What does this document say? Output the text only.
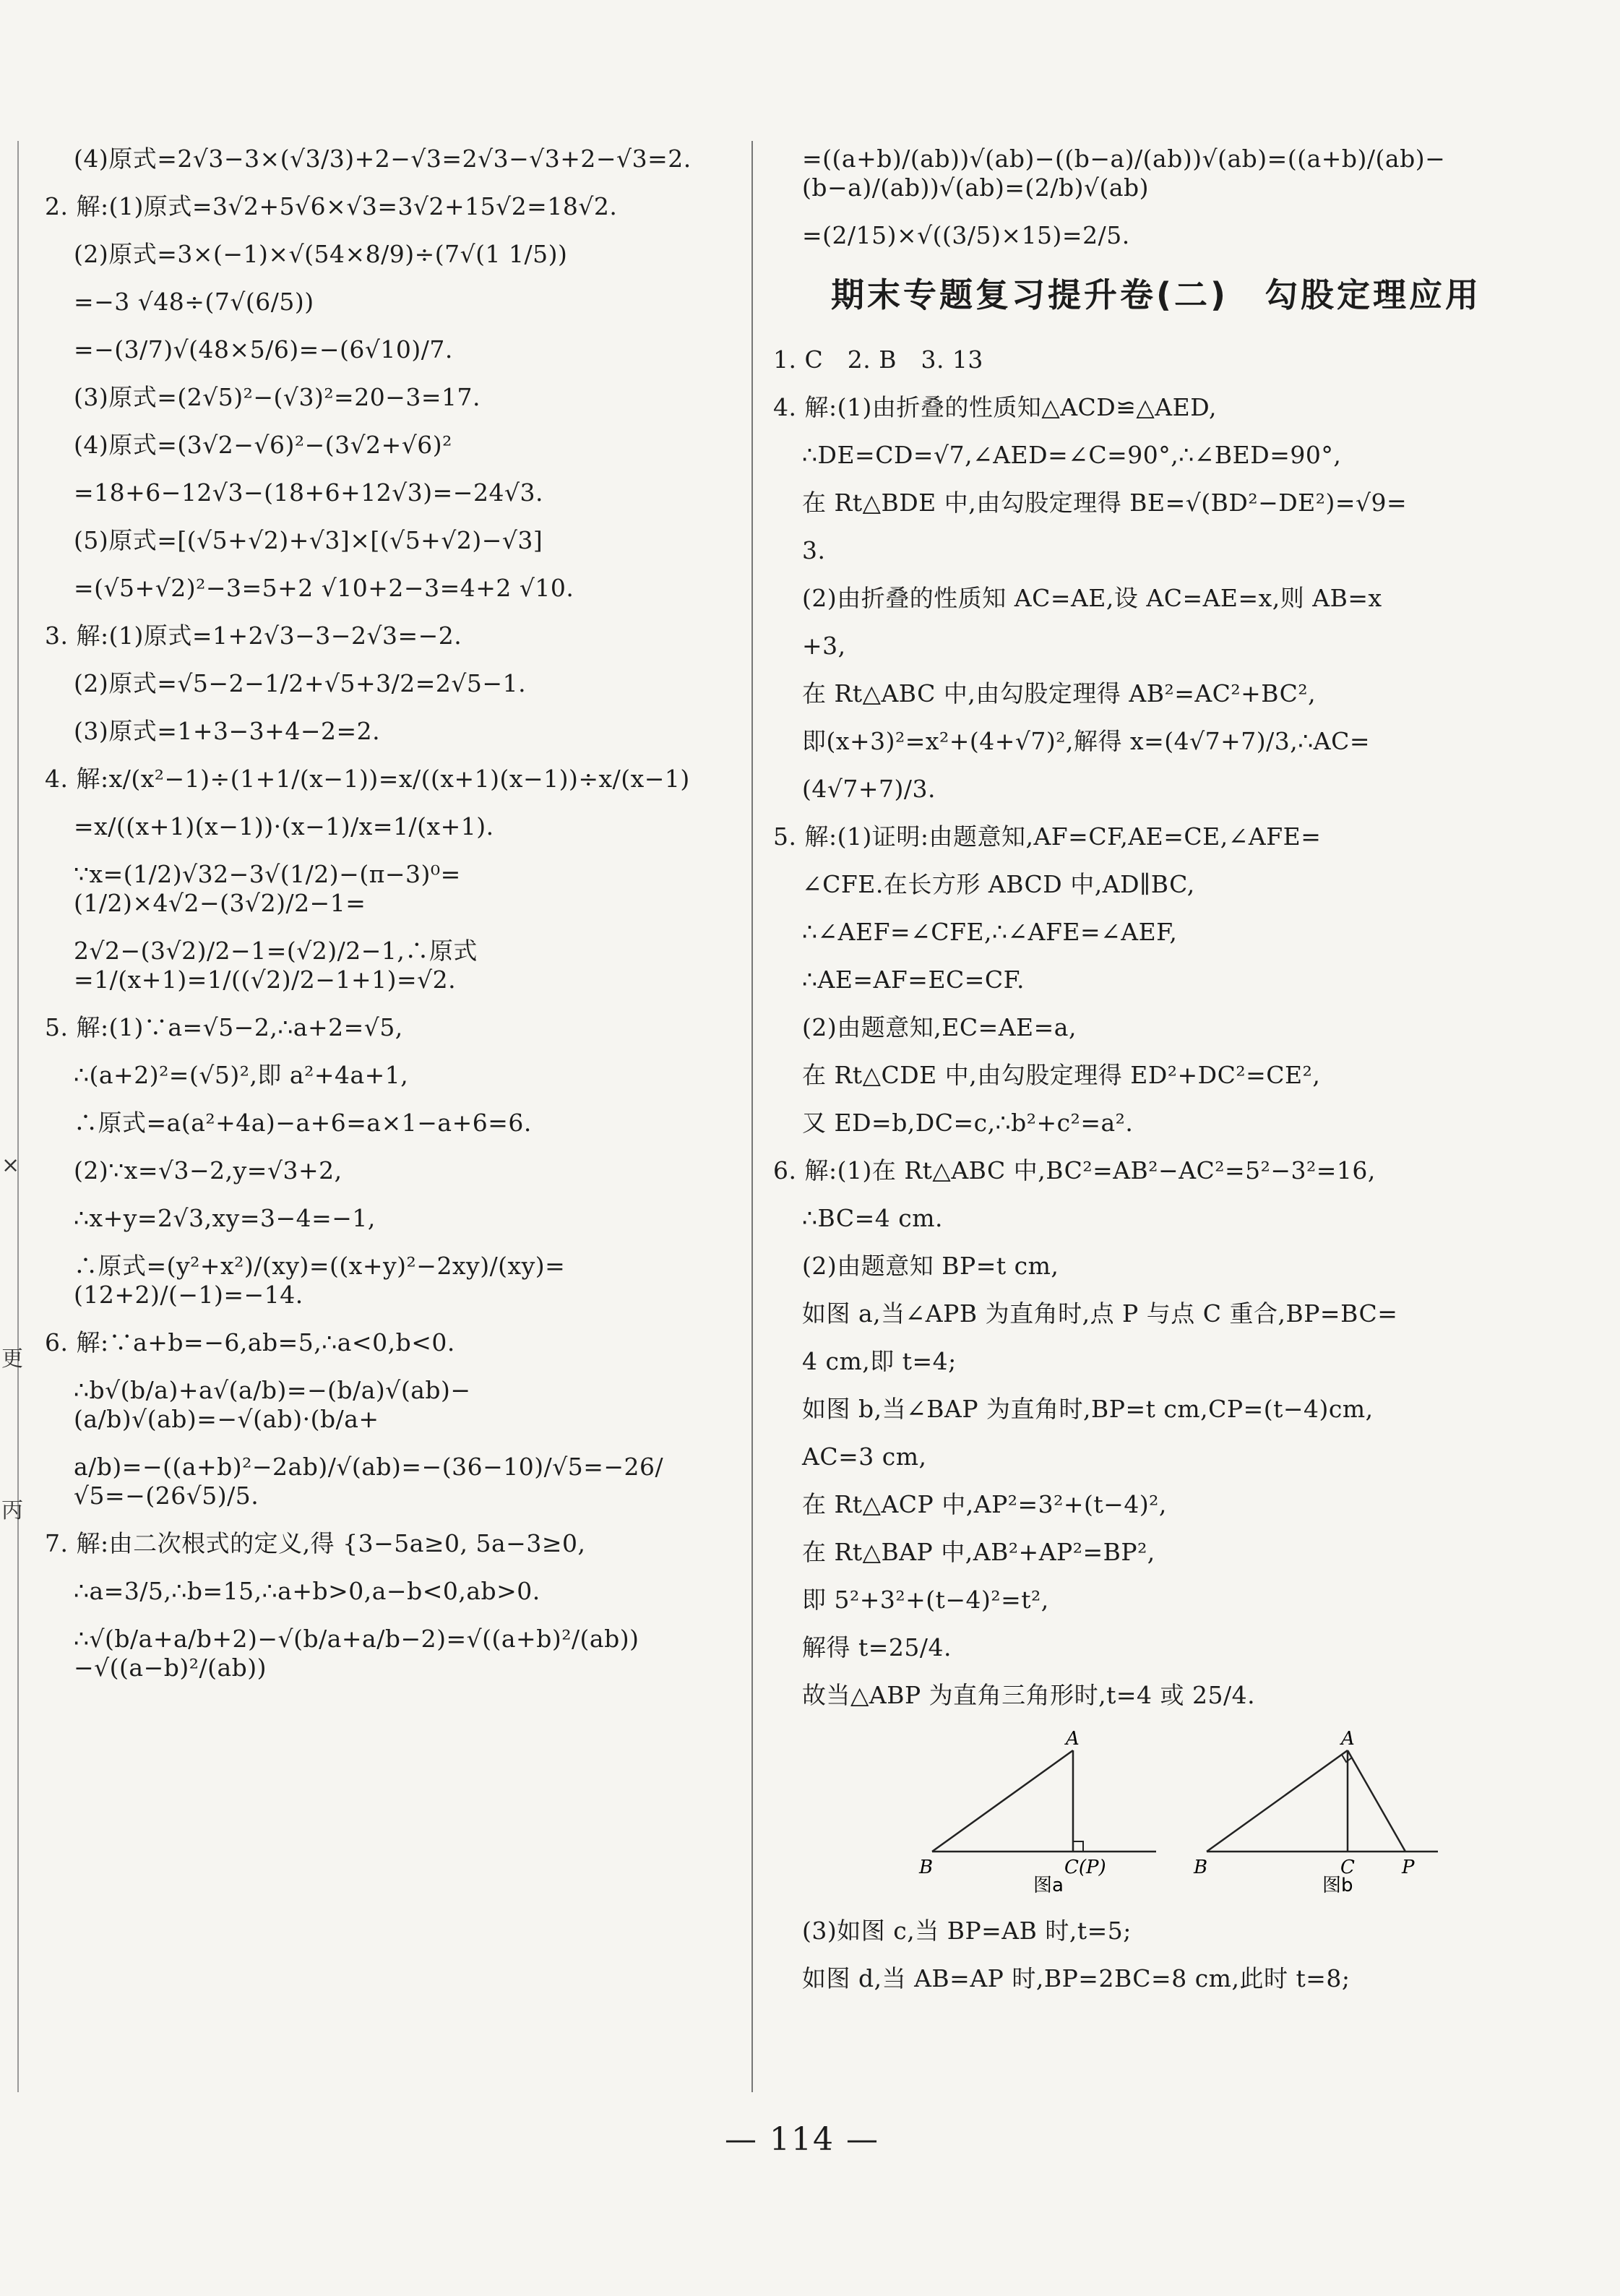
×
更
丙
(4)原式=2√3−3×(√3/3)+2−√3=2√3−√3+2−√3=2.
2. 解:(1)原式=3√2+5√6×√3=3√2+15√2=18√2.
(2)原式=3×(−1)×√(54×8/9)÷(7√(1 1/5))
=−3 √48÷(7√(6/5))
=−(3/7)√(48×5/6)=−(6√10)/7.
(3)原式=(2√5)²−(√3)²=20−3=17.
(4)原式=(3√2−√6)²−(3√2+√6)²
=18+6−12√3−(18+6+12√3)=−24√3.
(5)原式=[(√5+√2)+√3]×[(√5+√2)−√3]
=(√5+√2)²−3=5+2 √10+2−3=4+2 √10.
3. 解:(1)原式=1+2√3−3−2√3=−2.
(2)原式=√5−2−1/2+√5+3/2=2√5−1.
(3)原式=1+3−3+4−2=2.
4. 解:x/(x²−1)÷(1+1/(x−1))=x/((x+1)(x−1))÷x/(x−1)
=x/((x+1)(x−1))·(x−1)/x=1/(x+1).
∵x=(1/2)√32−3√(1/2)−(π−3)⁰=(1/2)×4√2−(3√2)/2−1=
2√2−(3√2)/2−1=(√2)/2−1,∴原式=1/(x+1)=1/((√2)/2−1+1)=√2.
5. 解:(1)∵a=√5−2,∴a+2=√5,
∴(a+2)²=(√5)²,即 a²+4a+1,
∴原式=a(a²+4a)−a+6=a×1−a+6=6.
(2)∵x=√3−2,y=√3+2,
∴x+y=2√3,xy=3−4=−1,
∴原式=(y²+x²)/(xy)=((x+y)²−2xy)/(xy)=(12+2)/(−1)=−14.
6. 解:∵a+b=−6,ab=5,∴a<0,b<0.
∴b√(b/a)+a√(a/b)=−(b/a)√(ab)−(a/b)√(ab)=−√(ab)·(b/a+
a/b)=−((a+b)²−2ab)/√(ab)=−(36−10)/√5=−26/√5=−(26√5)/5.
7. 解:由二次根式的定义,得 {3−5a≥0, 5a−3≥0,
∴a=3/5,∴b=15,∴a+b>0,a−b<0,ab>0.
∴√(b/a+a/b+2)−√(b/a+a/b−2)=√((a+b)²/(ab))−√((a−b)²/(ab))
=((a+b)/(ab))√(ab)−((b−a)/(ab))√(ab)=((a+b)/(ab)−(b−a)/(ab))√(ab)=(2/b)√(ab)
=(2/15)×√((3/5)×15)=2/5.
期末专题复习提升卷(二)　勾股定理应用
1. C　2. B　3. 13
4. 解:(1)由折叠的性质知△ACD≌△AED,
∴DE=CD=√7,∠AED=∠C=90°,∴∠BED=90°,
在 Rt△BDE 中,由勾股定理得 BE=√(BD²−DE²)=√9=
3.
(2)由折叠的性质知 AC=AE,设 AC=AE=x,则 AB=x
+3,
在 Rt△ABC 中,由勾股定理得 AB²=AC²+BC²,
即(x+3)²=x²+(4+√7)²,解得 x=(4√7+7)/3,∴AC=
(4√7+7)/3.
5. 解:(1)证明:由题意知,AF=CF,AE=CE,∠AFE=
∠CFE.在长方形 ABCD 中,AD∥BC,
∴∠AEF=∠CFE,∴∠AFE=∠AEF,
∴AE=AF=EC=CF.
(2)由题意知,EC=AE=a,
在 Rt△CDE 中,由勾股定理得 ED²+DC²=CE²,
又 ED=b,DC=c,∴b²+c²=a².
6. 解:(1)在 Rt△ABC 中,BC²=AB²−AC²=5²−3²=16,
∴BC=4 cm.
(2)由题意知 BP=t cm,
如图 a,当∠APB 为直角时,点 P 与点 C 重合,BP=BC=
4 cm,即 t=4;
如图 b,当∠BAP 为直角时,BP=t cm,CP=(t−4)cm,
AC=3 cm,
在 Rt△ACP 中,AP²=3²+(t−4)²,
在 Rt△BAP 中,AB²+AP²=BP²,
即 5²+3²+(t−4)²=t²,
解得 t=25/4.
故当△ABP 为直角三角形时,t=4 或 25/4.
A
B	C(P)
图a
A
B	C	P
图b
(3)如图 c,当 BP=AB 时,t=5;
如图 d,当 AB=AP 时,BP=2BC=8 cm,此时 t=8;
— 114 —
